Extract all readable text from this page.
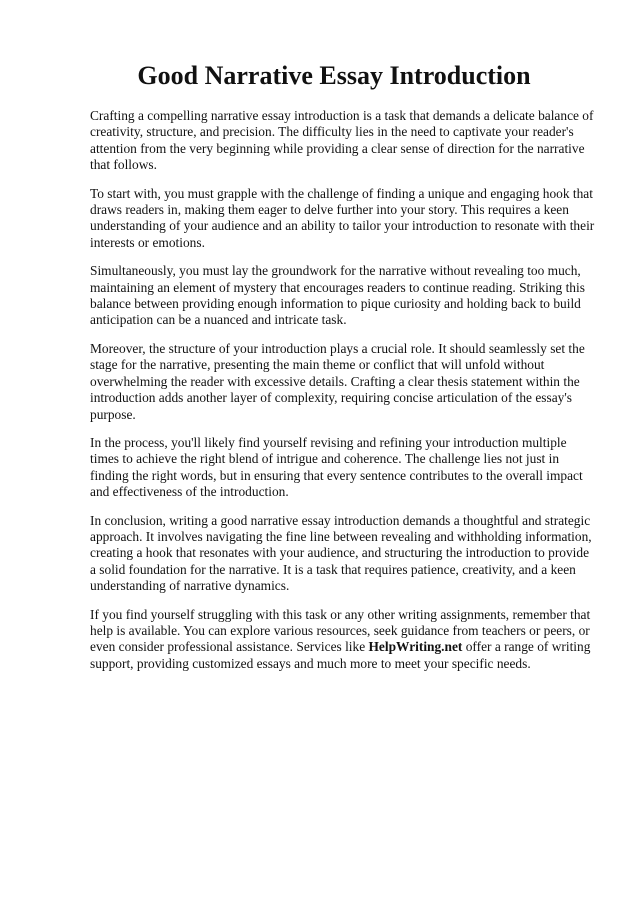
Good Narrative Essay Introduction

Crafting a compelling narrative essay introduction is a task that demands a delicate balance of creativity, structure, and precision. The difficulty lies in the need to captivate your reader's attention from the very beginning while providing a clear sense of direction for the narrative that follows.

To start with, you must grapple with the challenge of finding a unique and engaging hook that draws readers in, making them eager to delve further into your story. This requires a keen understanding of your audience and an ability to tailor your introduction to resonate with their interests or emotions.

Simultaneously, you must lay the groundwork for the narrative without revealing too much, maintaining an element of mystery that encourages readers to continue reading. Striking this balance between providing enough information to pique curiosity and holding back to build anticipation can be a nuanced and intricate task.

Moreover, the structure of your introduction plays a crucial role. It should seamlessly set the stage for the narrative, presenting the main theme or conflict that will unfold without overwhelming the reader with excessive details. Crafting a clear thesis statement within the introduction adds another layer of complexity, requiring concise articulation of the essay's purpose.

In the process, you'll likely find yourself revising and refining your introduction multiple times to achieve the right blend of intrigue and coherence. The challenge lies not just in finding the right words, but in ensuring that every sentence contributes to the overall impact and effectiveness of the introduction.

In conclusion, writing a good narrative essay introduction demands a thoughtful and strategic approach. It involves navigating the fine line between revealing and withholding information, creating a hook that resonates with your audience, and structuring the introduction to provide a solid foundation for the narrative. It is a task that requires patience, creativity, and a keen understanding of narrative dynamics.

If you find yourself struggling with this task or any other writing assignments, remember that help is available. You can explore various resources, seek guidance from teachers or peers, or even consider professional assistance. Services like HelpWriting.net offer a range of writing support, providing customized essays and much more to meet your specific needs.
